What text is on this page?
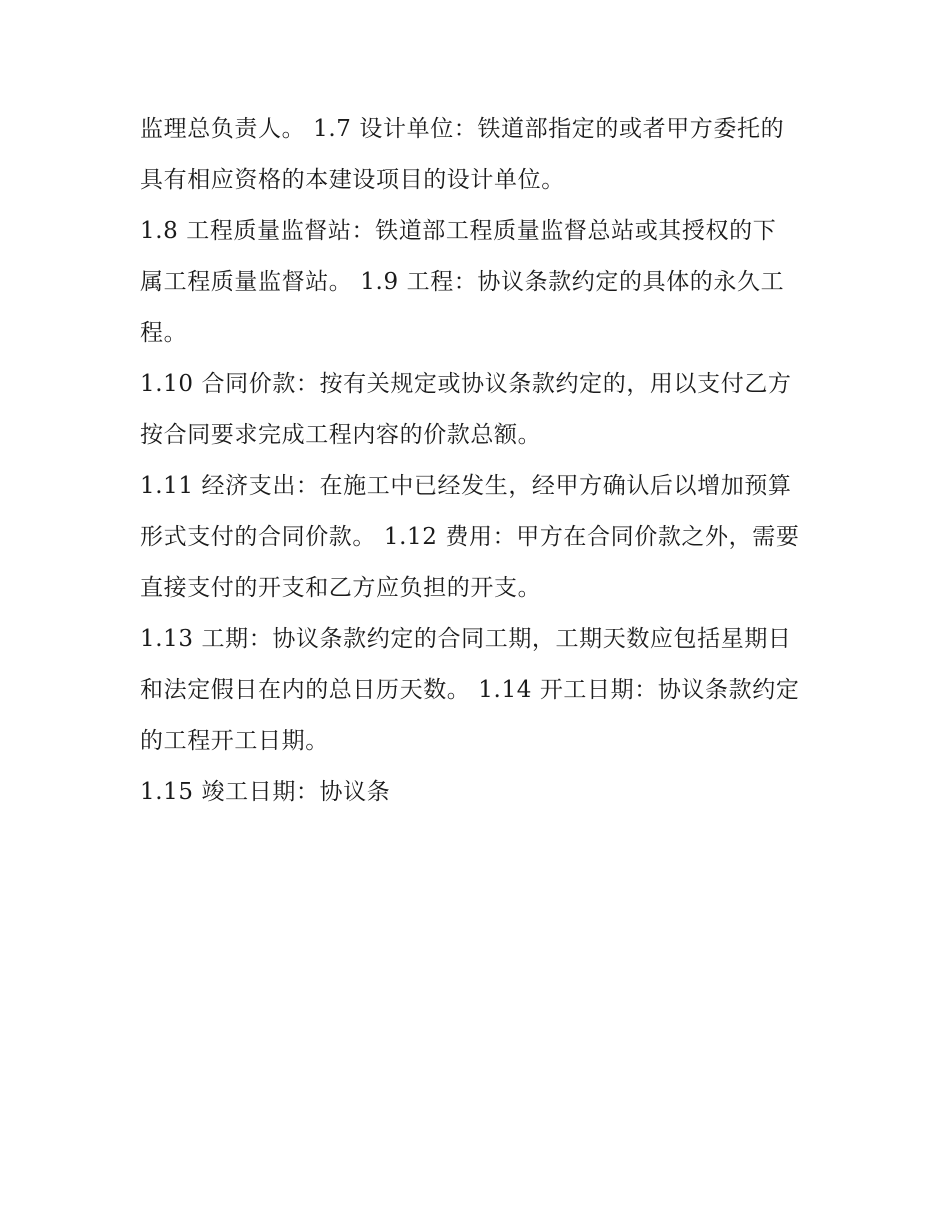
监理总负责人。 1.7 设计单位：铁道部指定的或者甲方委托的
具有相应资格的本建设项目的设计单位。
1.8 工程质量监督站：铁道部工程质量监督总站或其授权的下
属工程质量监督站。 1.9 工程：协议条款约定的具体的永久工
程。
1.10 合同价款：按有关规定或协议条款约定的，用以支付乙方
按合同要求完成工程内容的价款总额。
1.11 经济支出：在施工中已经发生，经甲方确认后以增加预算
形式支付的合同价款。 1.12 费用：甲方在合同价款之外，需要
直接支付的开支和乙方应负担的开支。
1.13 工期：协议条款约定的合同工期，工期天数应包括星期日
和法定假日在内的总日历天数。 1.14 开工日期：协议条款约定
的工程开工日期。
1.15 竣工日期：协议条
